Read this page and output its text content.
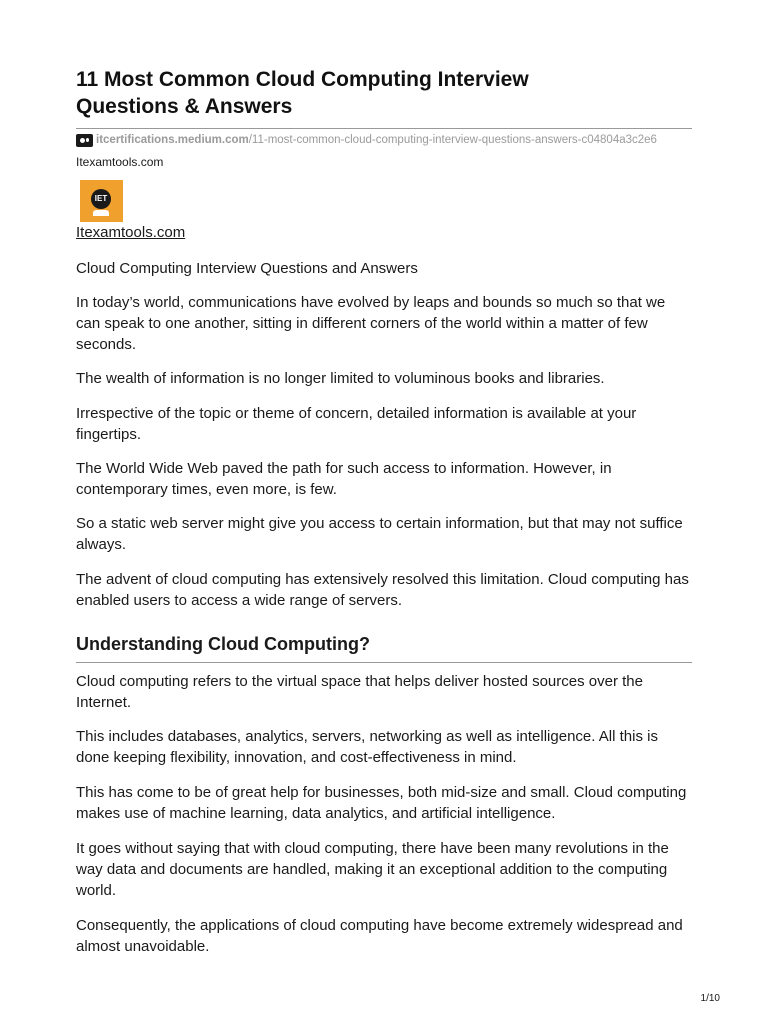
11 Most Common Cloud Computing Interview
Questions & Answers
itcertifications.medium.com /11-most-common-cloud-computing-interview-questions-answers-c04804a3c2e6
Itexamtools.com
IET
Itexamtools.com

Cloud Computing Interview Questions and Answers

In today’s world, communications have evolved by leaps and bounds so much so that we can speak to one another, sitting in different corners of the world within a matter of few seconds.

The wealth of information is no longer limited to voluminous books and libraries.

Irrespective of the topic or theme of concern, detailed information is available at your fingertips.

The World Wide Web paved the path for such access to information. However, in contemporary times, even more, is few.

So a static web server might give you access to certain information, but that may not suffice always.

The advent of cloud computing has extensively resolved this limitation. Cloud computing has enabled users to access a wide range of servers.

Understanding Cloud Computing?

Cloud computing refers to the virtual space that helps deliver hosted sources over the Internet.

This includes databases, analytics, servers, networking as well as intelligence. All this is done keeping flexibility, innovation, and cost-effectiveness in mind.

This has come to be of great help for businesses, both mid-size and small. Cloud computing makes use of machine learning, data analytics, and artificial intelligence.

It goes without saying that with cloud computing, there have been many revolutions in the way data and documents are handled, making it an exceptional addition to the computing world.

Consequently, the applications of cloud computing have become extremely widespread and almost unavoidable.

1/10
